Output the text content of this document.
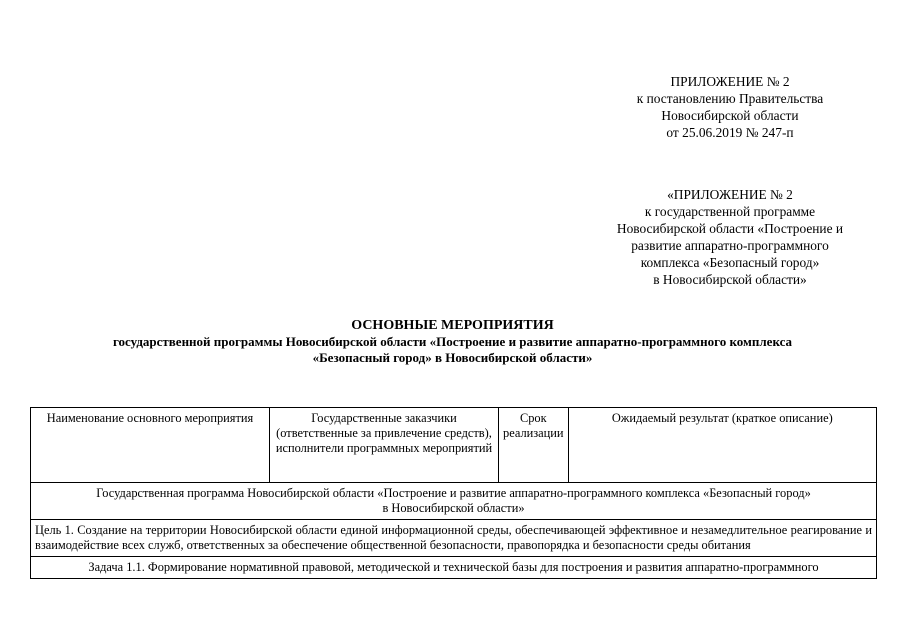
ПРИЛОЖЕНИЕ № 2
к постановлению Правительства
Новосибирской области
от 25.06.2019 № 247-п
«ПРИЛОЖЕНИЕ № 2
к государственной программе
Новосибирской области «Построение и
развитие аппаратно-программного
комплекса «Безопасный город»
в Новосибирской области»
ОСНОВНЫЕ МЕРОПРИЯТИЯ
государственной программы Новосибирской области «Построение и развитие аппаратно-программного комплекса
«Безопасный город» в Новосибирской области»
Наименование основного мероприятия	Государственные заказчики (ответственные за привлечение средств), исполнители программных мероприятий	Срок реализации	Ожидаемый результат (краткое описание)

Государственная программа Новосибирской области «Построение и развитие аппаратно-программного комплекса «Безопасный город»
в Новосибирской области»

Цель 1. Создание на территории Новосибирской области единой информационной среды, обеспечивающей эффективное и незамедлительное реагирование и взаимодействие всех служб, ответственных за обеспечение общественной безопасности, правопорядка и безопасности среды обитания
Задача 1.1. Формирование нормативной правовой, методической и технической базы для построения и развития аппаратно-программного
